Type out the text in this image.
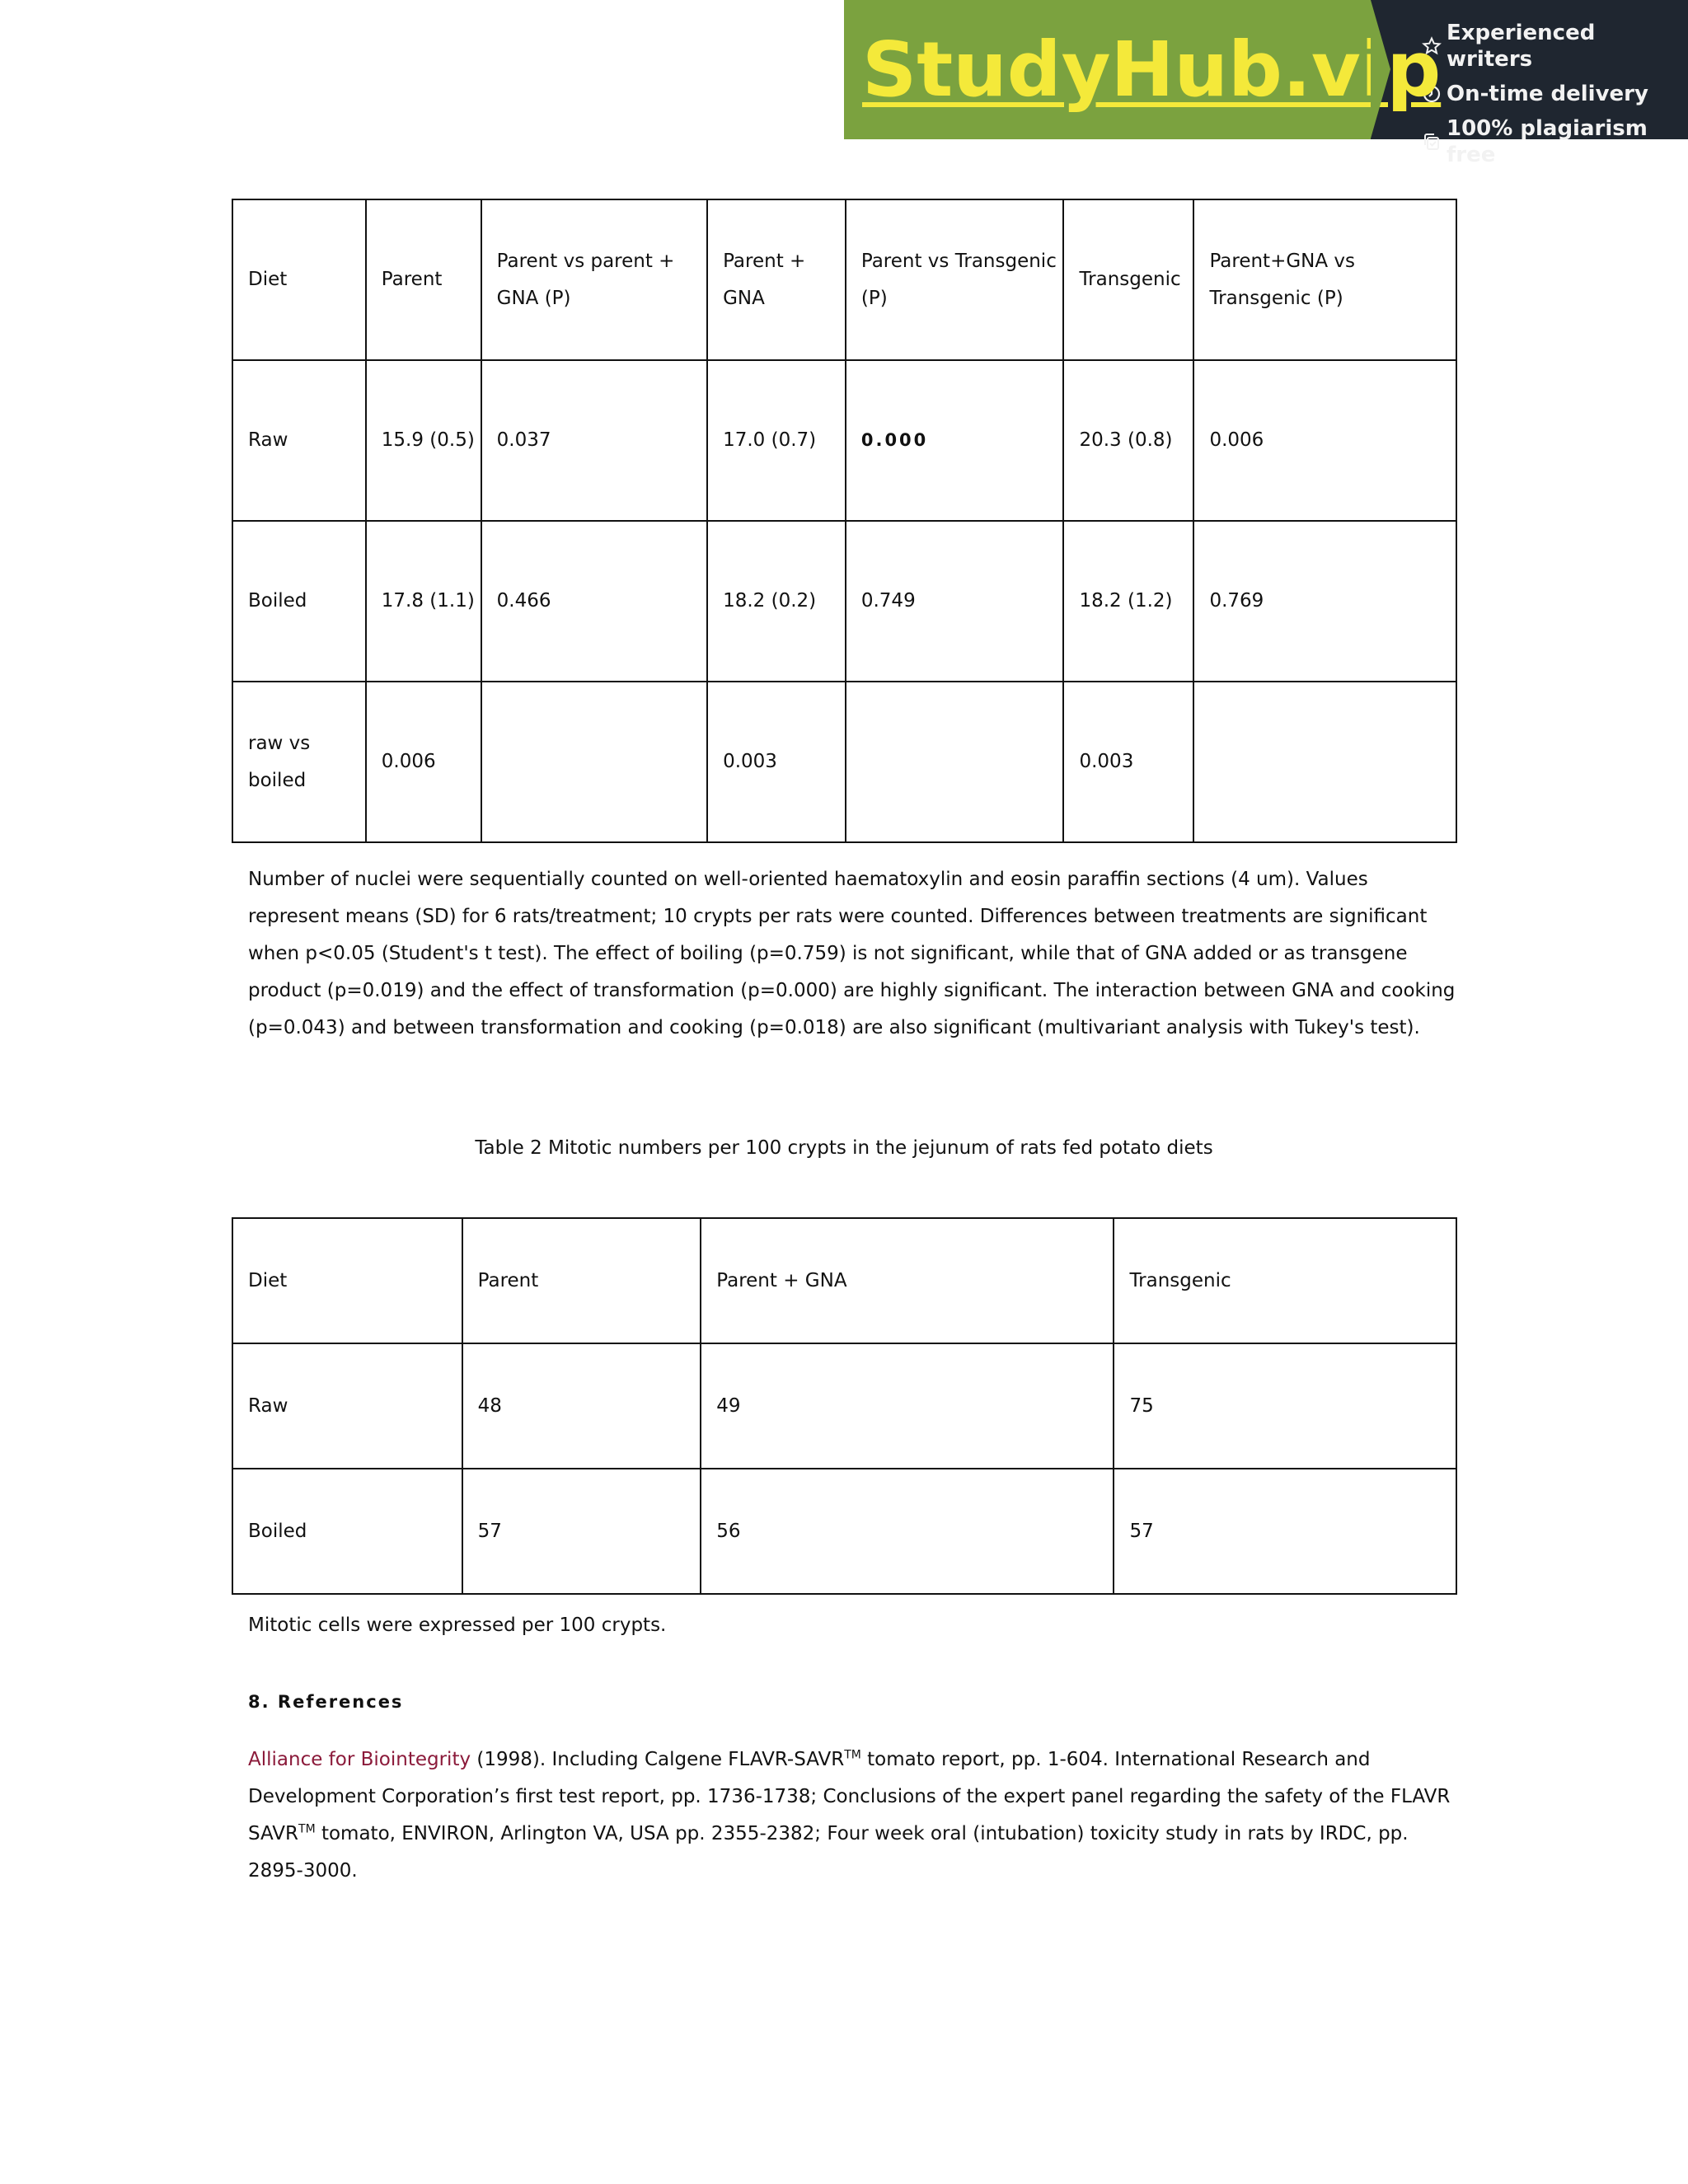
StudyHub.vip Experienced writers
On-time delivery
100% plagiarism free
Diet	Parent	Parent vs parent + GNA (P)	Parent + GNA	Parent vs Transgenic (P)	Transgenic	Parent+GNA vs Transgenic (P)
Raw	15.9 (0.5)	0.037	17.0 (0.7)	0.000	20.3 (0.8)	0.006
Boiled	17.8 (1.1)	0.466	18.2 (0.2)	0.749	18.2 (1.2)	0.769
raw vs boiled	0.006		0.003		0.003	

Number of nuclei were sequentially counted on well-oriented haematoxylin and eosin paraffin sections (4 um). Values represent means (SD) for 6 rats/treatment; 10 crypts per rats were counted. Differences between treatments are significant when p<0.05 (Student's t test). The effect of boiling (p=0.759) is not significant, while that of GNA added or as transgene product (p=0.019) and the effect of transformation (p=0.000) are highly significant. The interaction between GNA and cooking (p=0.043) and between transformation and cooking (p=0.018) are also significant (multivariant analysis with Tukey's test).

Table 2 Mitotic numbers per 100 crypts in the jejunum of rats fed potato diets
Diet	Parent	Parent + GNA	Transgenic
Raw	48	49	75
Boiled	57	56	57
Mitotic cells were expressed per 100 crypts.
8. References

Alliance for Biointegrity (1998). Including Calgene FLAVR-SAVR™ tomato report, pp. 1-604. International Research and Development Corporation’s first test report, pp. 1736-1738; Conclusions of the expert panel regarding the safety of the FLAVR SAVR™ tomato, ENVIRON, Arlington VA, USA pp. 2355-2382; Four week oral (intubation) toxicity study in rats by IRDC, pp. 2895-3000.
